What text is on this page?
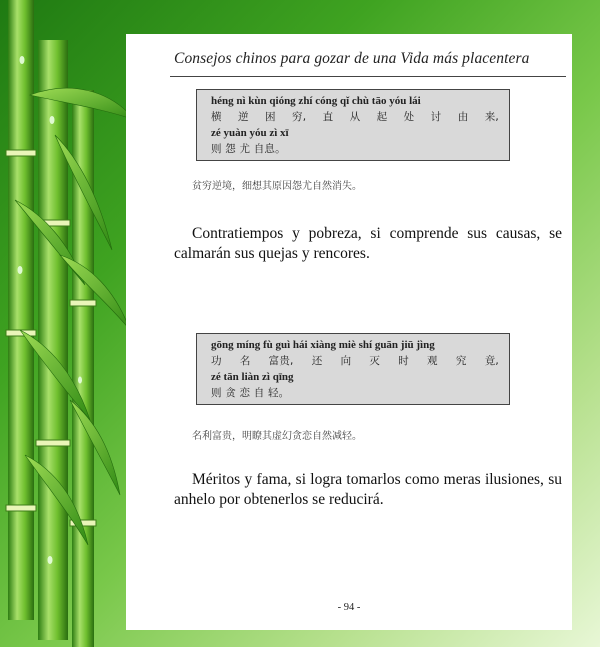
Consejos chinos para gozar de una Vida más placentera
héng nì kùn qióng zhí cóng qǐ chù tāo yóu lái
横 逆 困 穷, 直 从 起 处 讨 由 来,
zé yuàn yóu zì xī
则 怨 尤 自息。
贫穷逆境，细想其原因怨尤自然消失。
Contratiempos y pobreza, si comprende sus causas, se calmarán sus quejas y rencores.
gōng míng fù guì hái xiàng miè shí guān jiū jìng
功 名 富贵, 还 向 灭 时 观 究 竟,
zé tān liàn zì qīng
则 贪 恋 自 轻。
名利富贵，明瞭其虚幻贪恋自然减轻。
Méritos y fama, si logra tomarlos como meras ilusiones, su anhelo por obtenerlos se reducirá.
- 94 -
